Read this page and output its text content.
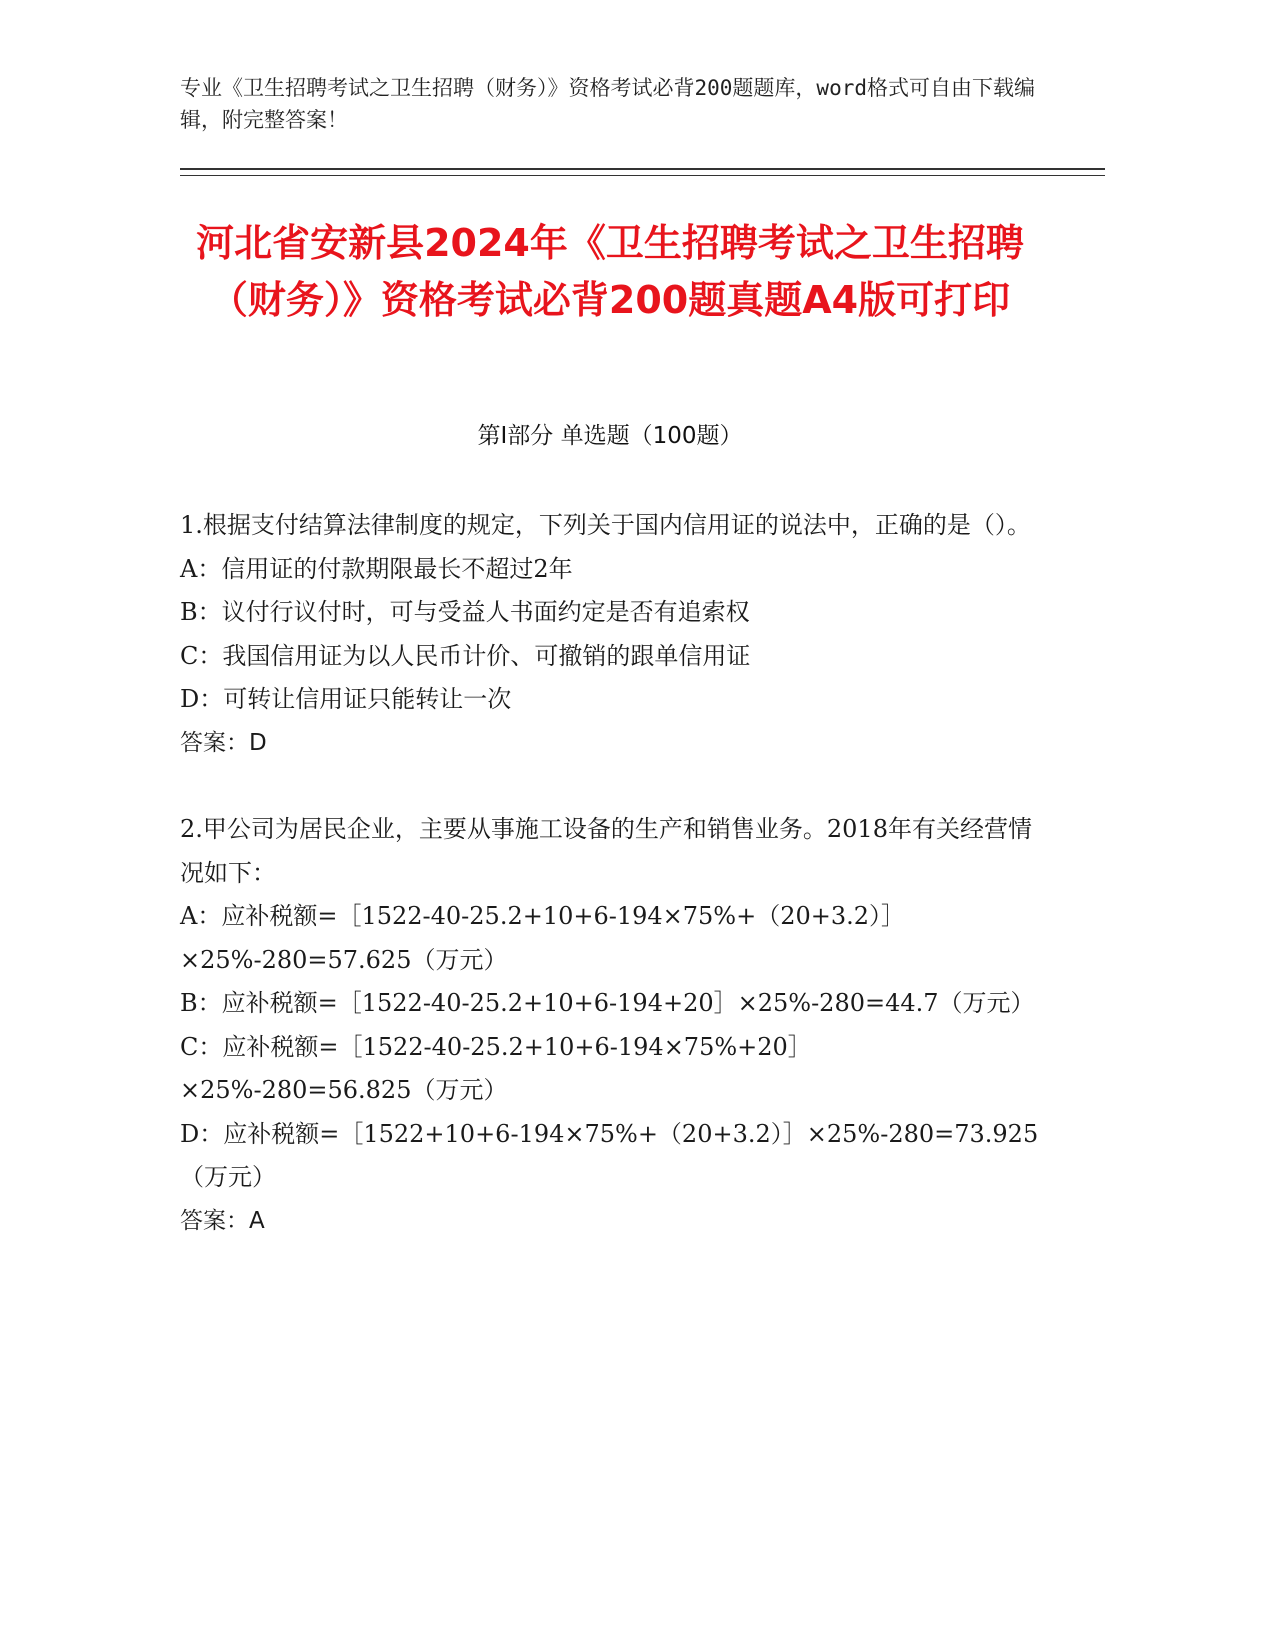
专业《卫生招聘考试之卫生招聘（财务）》资格考试必背200题题库，word格式可自由下载编辑，附完整答案！
河北省安新县2024年《卫生招聘考试之卫生招聘（财务）》资格考试必背200题真题A4版可打印
第Ⅰ部分 单选题（100题）

1.根据支付结算法律制度的规定，下列关于国内信用证的说法中，正确的是（）。

A：信用证的付款期限最长不超过2年

B：议付行议付时，可与受益人书面约定是否有追索权

C：我国信用证为以人民币计价、可撤销的跟单信用证

D：可转让信用证只能转让一次

答案：D

2.甲公司为居民企业，主要从事施工设备的生产和销售业务。2018年有关经营情况如下：

A：应补税额=［1522-40-25.2+10+6-194×75%+（20+3.2）］×25%-280=57.625（万元）

B：应补税额=［1522-40-25.2+10+6-194+20］×25%-280=44.7（万元）

C：应补税额=［1522-40-25.2+10+6-194×75%+20］×25%-280=56.825（万元）

D：应补税额=［1522+10+6-194×75%+（20+3.2）］×25%-280=73.925（万元）

答案：A
